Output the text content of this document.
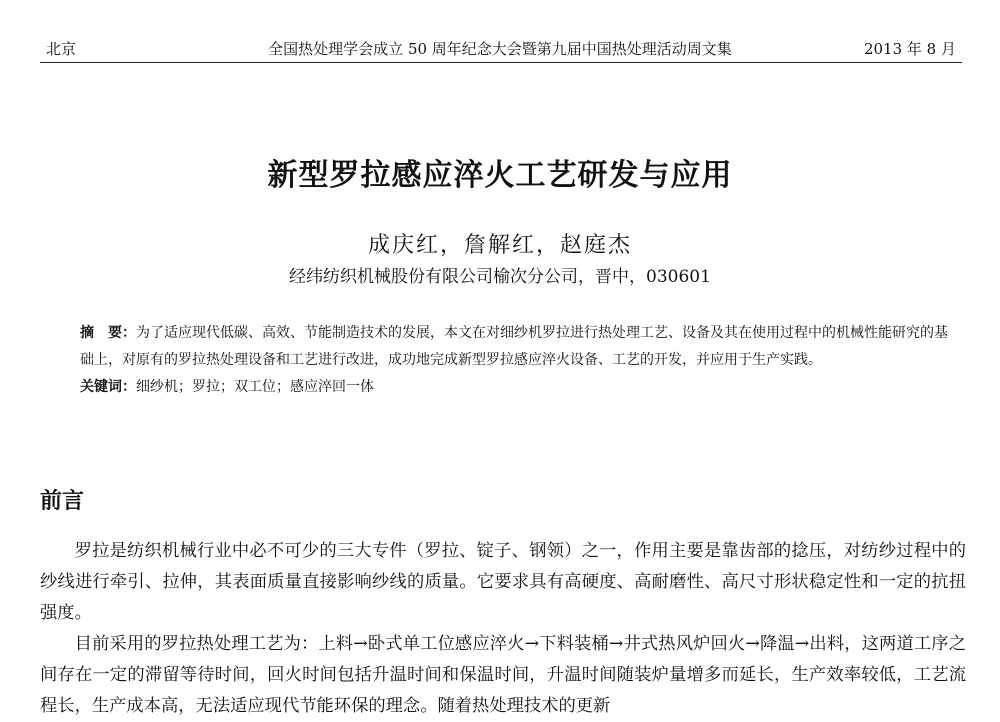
北京	全国热处理学会成立 50 周年纪念大会暨第九届中国热处理活动周文集	2013 年 8 月
新型罗拉感应淬火工艺研发与应用
成庆红，詹解红，赵庭杰
经纬纺织机械股份有限公司榆次分公司，晋中，030601

摘　要：为了适应现代低碳、高效、节能制造技术的发展，本文在对细纱机罗拉进行热处理工艺、设备及其在使用过程中的机械性能研究的基础上，对原有的罗拉热处理设备和工艺进行改进，成功地完成新型罗拉感应淬火设备、工艺的开发，并应用于生产实践。

关键词：细纱机；罗拉；双工位；感应淬回一体

前言

罗拉是纺织机械行业中必不可少的三大专件（罗拉、锭子、钢领）之一，作用主要是靠齿部的捻压，对纺纱过程中的纱线进行牵引、拉伸，其表面质量直接影响纱线的质量。它要求具有高硬度、高耐磨性、高尺寸形状稳定性和一定的抗扭强度。

目前采用的罗拉热处理工艺为：上料→卧式单工位感应淬火→下料装桶→井式热风炉回火→降温→出料，这两道工序之间存在一定的滞留等待时间，回火时间包括升温时间和保温时间，升温时间随装炉量增多而延长，生产效率较低，工艺流程长，生产成本高，无法适应现代节能环保的理念。随着热处理技术的更新
